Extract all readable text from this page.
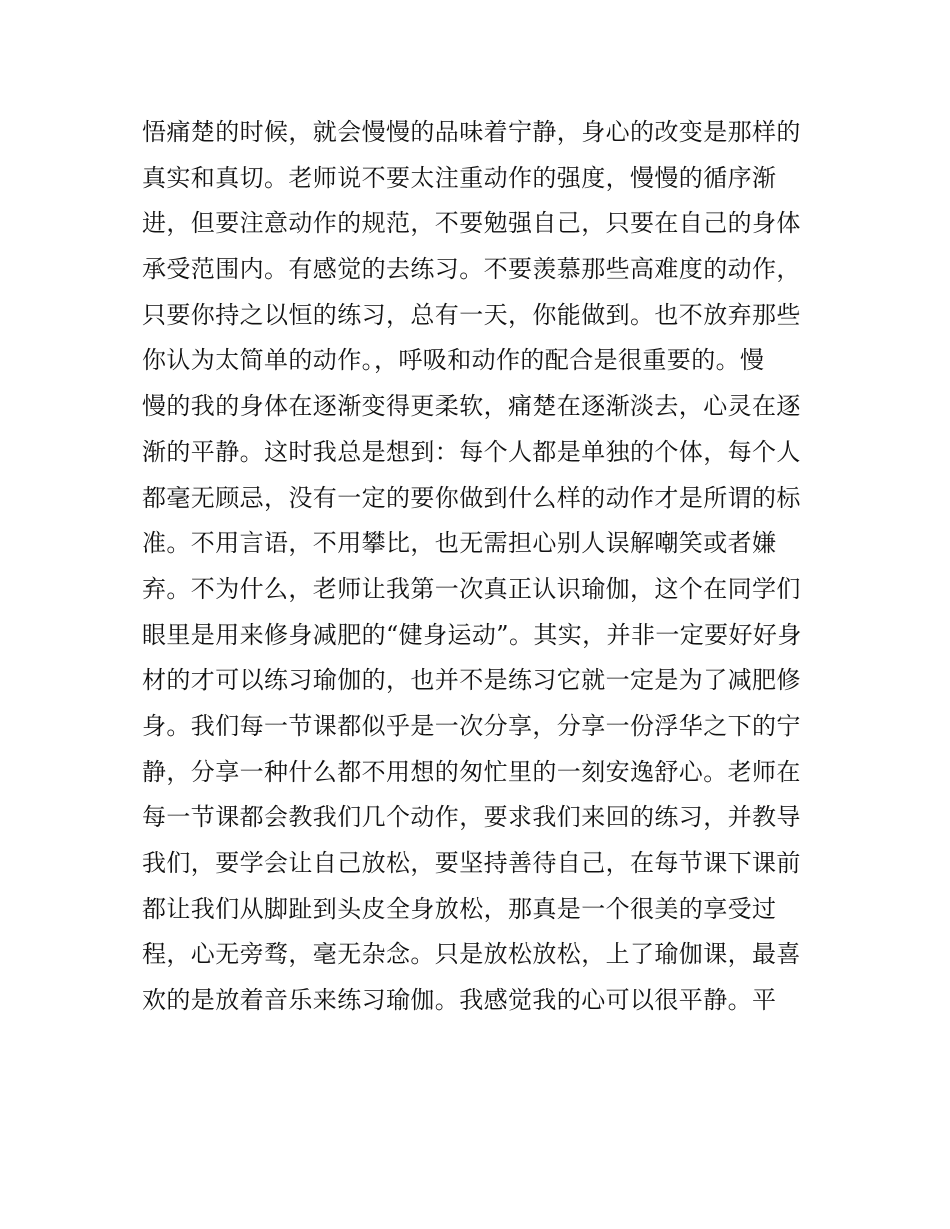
悟痛楚的时候，就会慢慢的品味着宁静，身心的改变是那样的
真实和真切。老师说不要太注重动作的强度，慢慢的循序渐
进，但要注意动作的规范，不要勉强自己，只要在自己的身体
承受范围内。有感觉的去练习。不要羡慕那些高难度的动作，
只要你持之以恒的练习，总有一天，你能做到。也不放弃那些
你认为太简单的动作。，呼吸和动作的配合是很重要的。慢
慢的我的身体在逐渐变得更柔软，痛楚在逐渐淡去，心灵在逐
渐的平静。这时我总是想到：每个人都是单独的个体，每个人
都毫无顾忌，没有一定的要你做到什么样的动作才是所谓的标
准。不用言语，不用攀比，也无需担心别人误解嘲笑或者嫌
弃。不为什么，老师让我第一次真正认识瑜伽，这个在同学们
眼里是用来修身减肥的“健身运动”。其实，并非一定要好好身
材的才可以练习瑜伽的，也并不是练习它就一定是为了减肥修
身。我们每一节课都似乎是一次分享，分享一份浮华之下的宁
静，分享一种什么都不用想的匆忙里的一刻安逸舒心。老师在
每一节课都会教我们几个动作，要求我们来回的练习，并教导
我们，要学会让自己放松，要坚持善待自己，在每节课下课前
都让我们从脚趾到头皮全身放松，那真是一个很美的享受过
程，心无旁骛，毫无杂念。只是放松放松，上了瑜伽课，最喜
欢的是放着音乐来练习瑜伽。我感觉我的心可以很平静。平
